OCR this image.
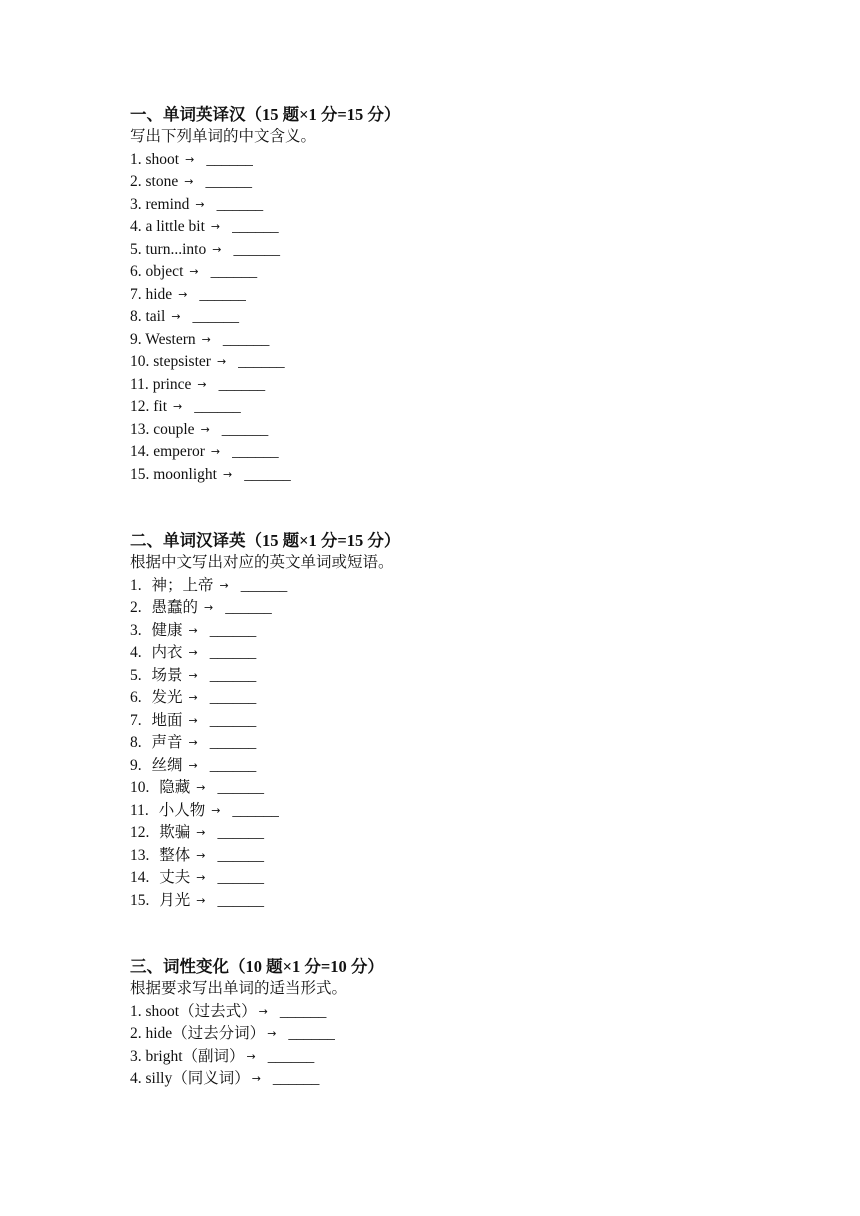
一、单词英译汉（15 题×1 分=15 分）
写出下列单词的中文含义。
1. shoot → ______
2. stone → ______
3. remind → ______
4. a little bit → ______
5. turn...into → ______
6. object → ______
7. hide → ______
8. tail → ______
9. Western → ______
10. stepsister → ______
11. prince → ______
12. fit → ______
13. couple → ______
14. emperor → ______
15. moonlight → ______
二、单词汉译英（15 题×1 分=15 分）
根据中文写出对应的英文单词或短语。
1. 神；上帝 → ______
2. 愚蠢的 → ______
3. 健康 → ______
4. 内衣 → ______
5. 场景 → ______
6. 发光 → ______
7. 地面 → ______
8. 声音 → ______
9. 丝绸 → ______
10. 隐藏 → ______
11. 小人物 → ______
12. 欺骗 → ______
13. 整体 → ______
14. 丈夫 → ______
15. 月光 → ______
三、词性变化（10 题×1 分=10 分）
根据要求写出单词的适当形式。
1. shoot（过去式） → ______
2. hide（过去分词） → ______
3. bright（副词） → ______
4. silly（同义词） → ______
